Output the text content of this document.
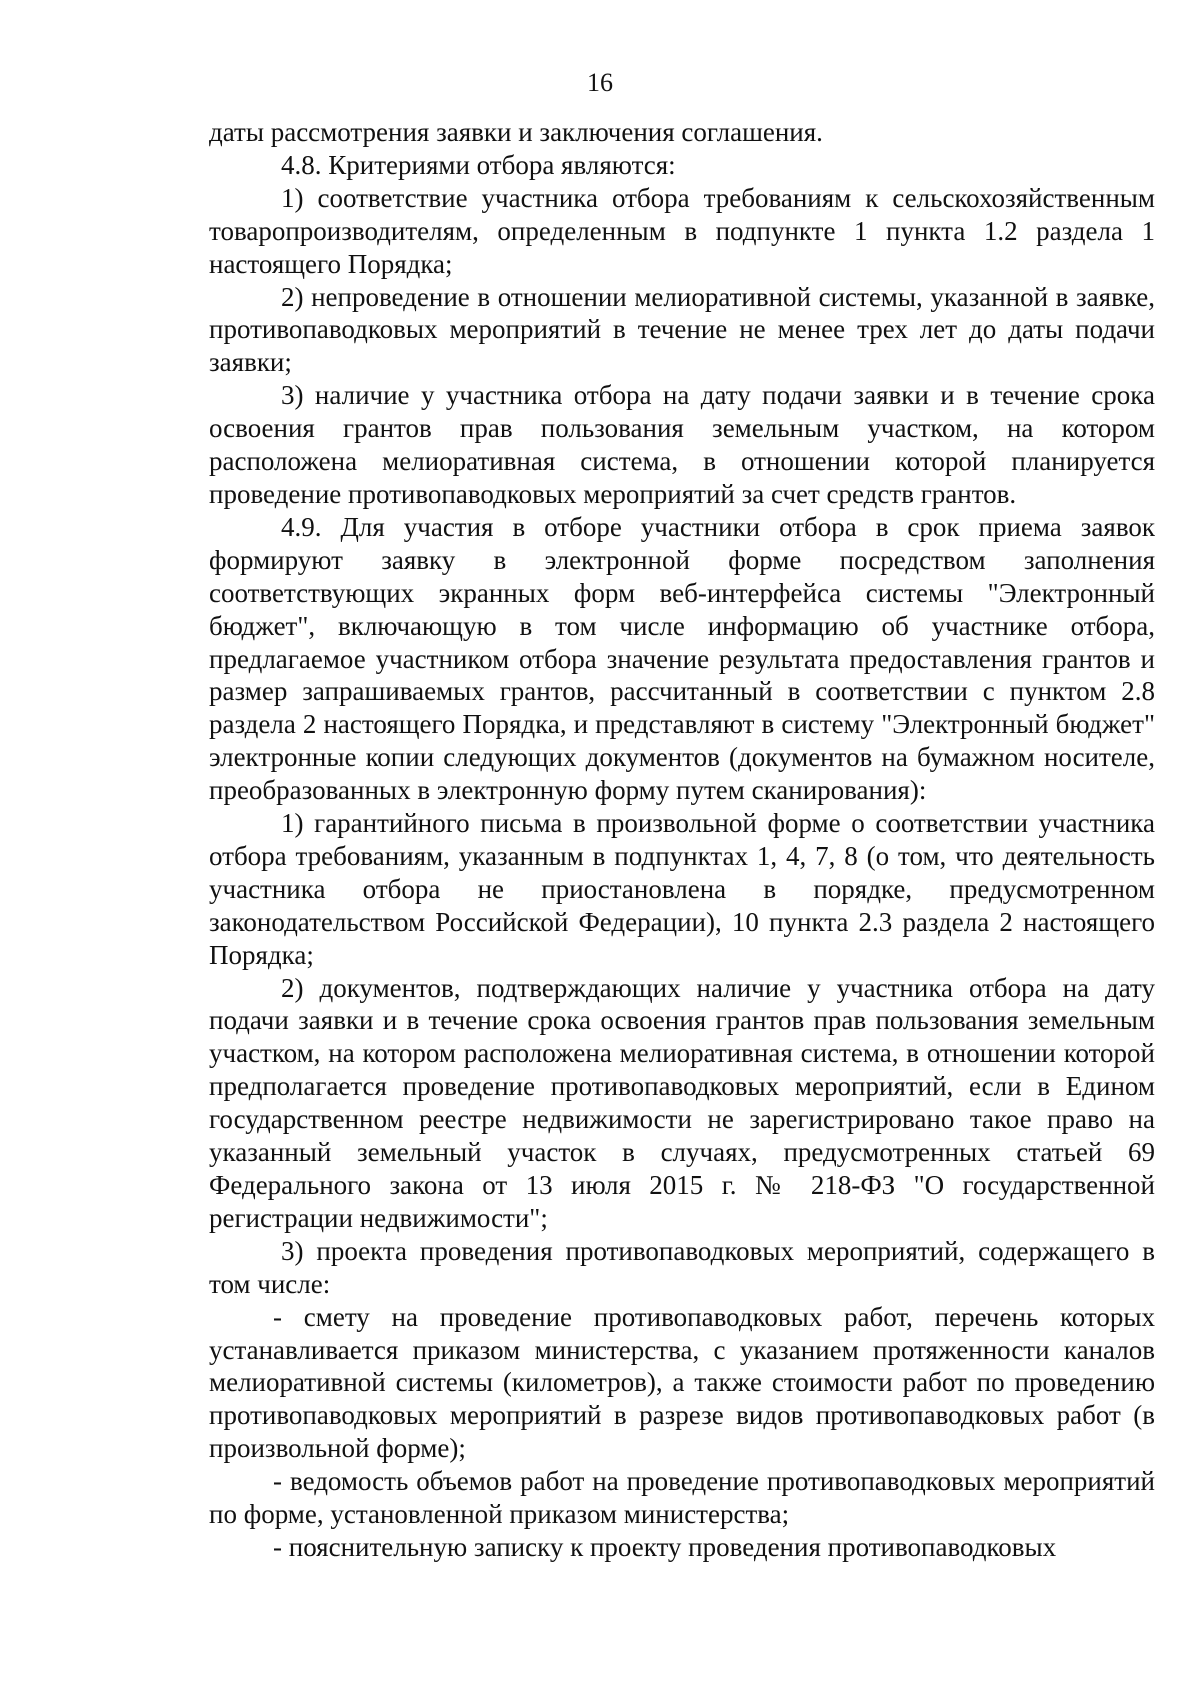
16

даты рассмотрения заявки и заключения соглашения.

4.8. Критериями отбора являются:

1) соответствие участника отбора требованиям к сельскохозяйственным товаропроизводителям, определенным в подпункте 1 пункта 1.2 раздела 1 настоящего Порядка;

2) непроведение в отношении мелиоративной системы, указанной в заявке, противопаводковых мероприятий в течение не менее трех лет до даты подачи заявки;

3) наличие у участника отбора на дату подачи заявки и в течение срока освоения грантов прав пользования земельным участком, на котором расположена мелиоративная система, в отношении которой планируется проведение противопаводковых мероприятий за счет средств грантов.

4.9. Для участия в отборе участники отбора в срок приема заявок формируют заявку в электронной форме посредством заполнения соответствующих экранных форм веб-интерфейса системы "Электронный бюджет", включающую в том числе информацию об участнике отбора, предлагаемое участником отбора значение результата предоставления грантов и размер запрашиваемых грантов, рассчитанный в соответствии с пунктом 2.8 раздела 2 настоящего Порядка, и представляют в систему "Электронный бюджет" электронные копии следующих документов (документов на бумажном носителе, преобразованных в электронную форму путем сканирования):

1) гарантийного письма в произвольной форме о соответствии участника отбора требованиям, указанным в подпунктах 1, 4, 7, 8 (о том, что деятельность участника отбора не приостановлена в порядке, предусмотренном законодательством Российской Федерации), 10 пункта 2.3 раздела 2 настоящего Порядка;

2) документов, подтверждающих наличие у участника отбора на дату подачи заявки и в течение срока освоения грантов прав пользования земельным участком, на котором расположена мелиоративная система, в отношении которой предполагается проведение противопаводковых мероприятий, если в Едином государственном реестре недвижимости не зарегистрировано такое право на указанный земельный участок в случаях, предусмотренных статьей 69 Федерального закона от 13 июля 2015 г. № 218-ФЗ "О государственной регистрации недвижимости";

3) проекта проведения противопаводковых мероприятий, содержащего в том числе:

- смету на проведение противопаводковых работ, перечень которых устанавливается приказом министерства, с указанием протяженности каналов мелиоративной системы (километров), а также стоимости работ по проведению противопаводковых мероприятий в разрезе видов противопаводковых работ (в произвольной форме);

- ведомость объемов работ на проведение противопаводковых мероприятий по форме, установленной приказом министерства;

- пояснительную записку к проекту проведения противопаводковых
